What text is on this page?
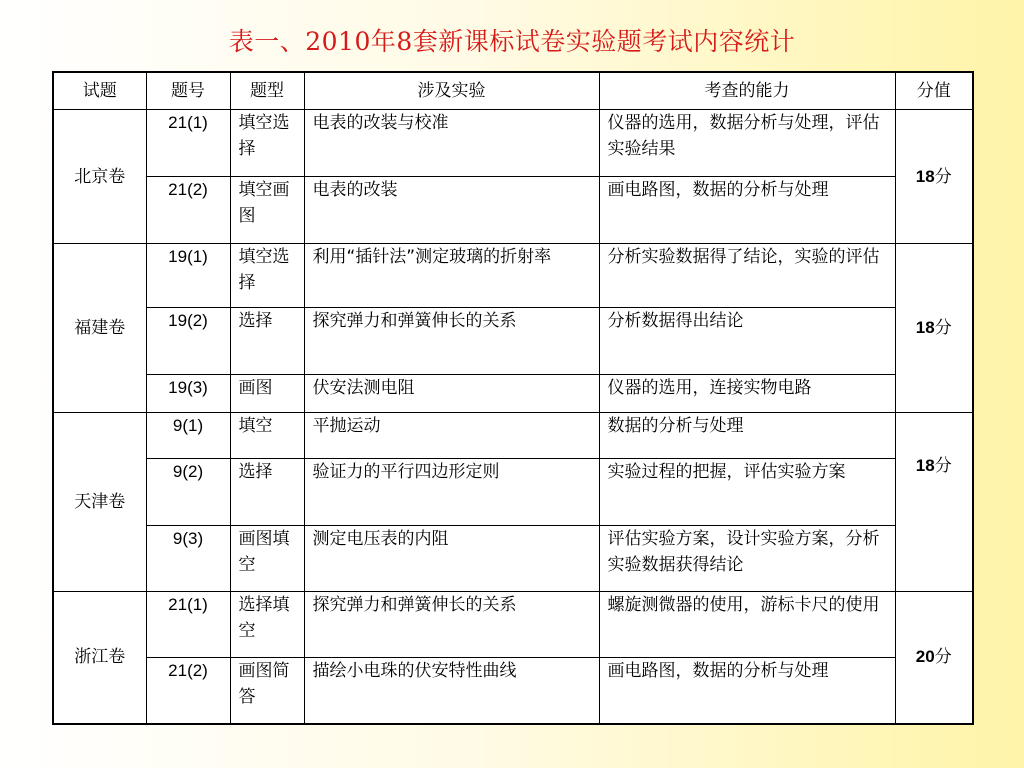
表一、2010年8套新课标试卷实验题考试内容统计
试题	题号	题型	涉及实验	考查的能力	分值
北京卷	21(1)	填空选择	电表的改装与校准	仪器的选用，数据分析与处理，评估实验结果	18分
	21(2)	填空画图	电表的改装	画电路图，数据的分析与处理	
福建卷	19(1)	填空选择	利用“插针法”测定玻璃的折射率	分析实验数据得了结论，实验的评估	18分
	19(2)	选择	探究弹力和弹簧伸长的关系	分析数据得出结论	
	19(3)	画图	伏安法测电阻	仪器的选用，连接实物电路	
天津卷	9(1)	填空	平抛运动	数据的分析与处理	18分
	9(2)	选择	验证力的平行四边形定则	实验过程的把握，评估实验方案	
	9(3)	画图填空	测定电压表的内阻	评估实验方案，设计实验方案，分析实验数据获得结论	
浙江卷	21(1)	选择填空	探究弹力和弹簧伸长的关系	螺旋测微器的使用，游标卡尺的使用	20分
	21(2)	画图简答	描绘小电珠的伏安特性曲线	画电路图，数据的分析与处理	
